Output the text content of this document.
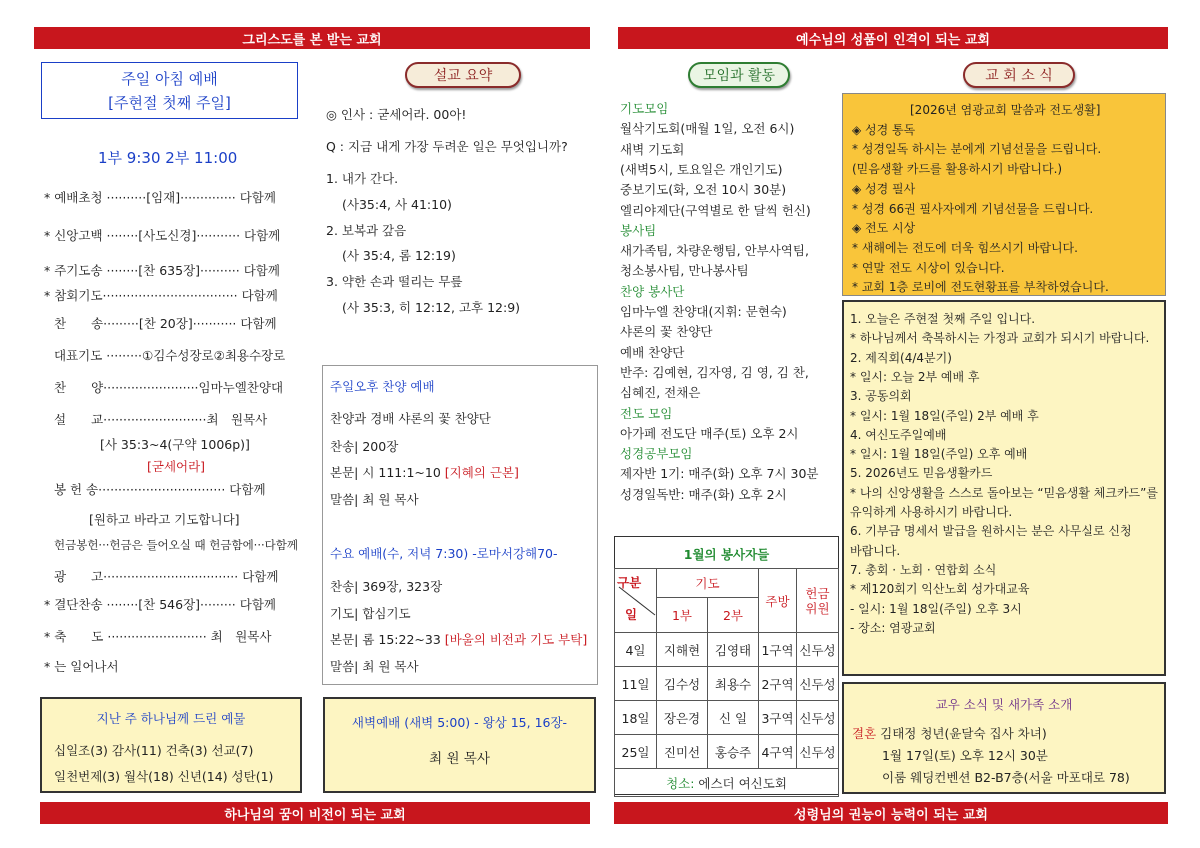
그리스도를 본 받는 교회	예수님의 성품이 인격이 되는 교회
하나님의 꿈이 비전이 되는 교회	성령님의 권능이 능력이 되는 교회
주일 아침 예배
[주현절 첫째 주일]
1부 9:30 2부 11:00
* 예배초청 ··········[임재]·············· 다함께
* 신앙고백 ········[사도신경]··········· 다함께
* 주기도송 ········[찬 635장]·········· 다함께
* 참회기도·································· 다함께
찬　　송·········[찬 20장]··········· 다함께
대표기도 ·········①김수성장로②최용수장로
찬　　양························임마누엘찬양대
설　　교··························최　원목사
[사 35:3~4(구약 1006p)]
[굳세어라]
봉 헌 송································ 다함께
[원하고 바라고 기도합니다]
헌금봉헌···헌금은 들어오실 때 헌금함에···다함께
광　　고·································· 다함께
* 결단찬송 ········[찬 546장]········· 다함께
* 축　　도 ························· 최　원목사
* 는 일어나서
지난 주 하나님께 드린 예물
십일조(3) 감사(11) 건축(3) 선교(7)
일천번제(3) 월삭(18) 신년(14) 성탄(1)
설교 요약
◎ 인사 : 굳세어라. 00아!
Q : 지금 내게 가장 두려운 일은 무엇입니까?
1. 내가 간다.
(사35:4, 사 41:10)
2. 보복과 갚음
(사 35:4, 롬 12:19)
3. 약한 손과 떨리는 무릎
(사 35:3, 히 12:12, 고후 12:9)
주일오후 찬양 예배
찬양과 경배 샤론의 꽃 찬양단
찬송| 200장
본문| 시 111:1~10 [지혜의 근본]
말씀| 최 원 목사
수요 예배(수, 저녁 7:30) -로마서강해70-
찬송| 369장, 323장
기도| 합심기도
본문| 롬 15:22~33 [바울의 비전과 기도 부탁]
말씀| 최 원 목사
새벽예배 (새벽 5:00) - 왕상 15, 16장-
최 원 목사
모임과 활동
기도모임
월삭기도회(매월 1일, 오전 6시)
새벽 기도회
(새벽5시, 토요일은 개인기도)
중보기도(화, 오전 10시 30분)
엘리야제단(구역별로 한 달씩 헌신)
봉사팀
새가족팀, 차량운행팀, 안부사역팀,
청소봉사팀, 만나봉사팀
찬양 봉사단
임마누엘 찬양대(지휘: 문현숙)
샤론의 꽃 찬양단
예배 찬양단
반주: 김예현, 김자영, 김 영, 김 찬,
심혜진, 전채은
전도 모임
아가페 전도단 매주(토) 오후 2시
성경공부모임
제자반 1기: 매주(화) 오후 7시 30분
성경일독반: 매주(화) 오후 2시
1월의 봉사자들
구분
일	기도		주방	헌금위원
	1부	2부		
4일	지해현	김영태	1구역	신두성
11일	김수성	최용수	2구역	신두성
18일	장은경	신 일	3구역	신두성
25일	진미선	홍승주	4구역	신두성
청소: 에스더 여신도회				
교 회 소 식
[2026년 염광교회 말씀과 전도생활]
◈ 성경 통독
* 성경일독 하시는 분에게 기념선물을 드립니다.
(믿음생활 카드를 활용하시기 바랍니다.)
◈ 성경 필사
* 성경 66권 필사자에게 기념선물을 드립니다.
◈ 전도 시상
* 새해에는 전도에 더욱 힘쓰시기 바랍니다.
* 연말 전도 시상이 있습니다.
* 교회 1층 로비에 전도현황표를 부착하였습니다.
1. 오늘은 주현절 첫째 주일 입니다.
* 하나님께서 축복하시는 가정과 교회가 되시기 바랍니다.
2. 제직회(4/4분기)
* 일시: 오늘 2부 예배 후
3. 공동의회
* 일시: 1월 18일(주일) 2부 예배 후
4. 여신도주일예배
* 일시: 1월 18일(주일) 오후 예배
5. 2026년도 믿음생활카드
* 나의 신앙생활을 스스로 돌아보는 “믿음생활 체크카드”를
유익하게 사용하시기 바랍니다.
6. 기부금 명세서 발급을 원하시는 분은 사무실로 신청
바랍니다.
7. 총회 · 노회 · 연합회 소식
* 제120회기 익산노회 성가대교육
- 일시: 1월 18일(주일) 오후 3시
- 장소: 염광교회
교우 소식 및 새가족 소개
결혼 김태정 청년(윤달숙 집사 차녀)
1월 17일(토) 오후 12시 30분
이룸 웨딩컨벤션 B2-B7층(서울 마포대로 78)
